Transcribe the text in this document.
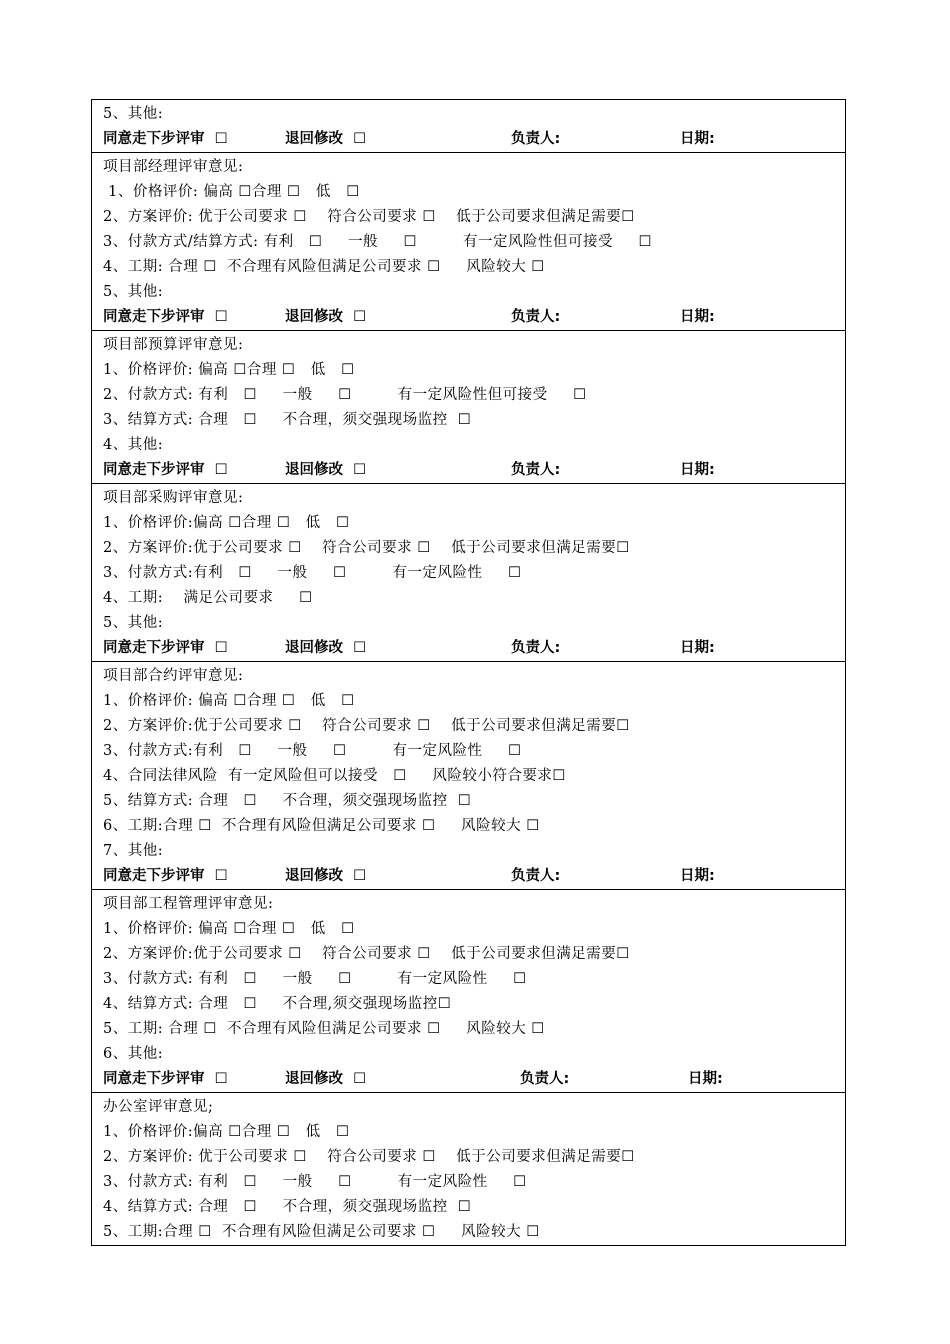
5、其他:
同意走下步评审  ☐	退回修改  ☐	负责人:	日期:
项目部经理评审意见:
1、价格评价: 偏高 ☐合理 ☐   低   ☐
2、方案评价: 优于公司要求 ☐    符合公司要求 ☐    低于公司要求但满足需要☐
3、付款方式/结算方式: 有利   ☐     一般     ☐         有一定风险性但可接受     ☐
4、工期: 合理 ☐  不合理有风险但满足公司要求 ☐     风险较大 ☐
5、其他:
同意走下步评审  ☐	退回修改  ☐	负责人:	日期:
项目部预算评审意见:
1、价格评价: 偏高 ☐合理 ☐   低   ☐
2、付款方式: 有利   ☐     一般     ☐         有一定风险性但可接受     ☐
3、结算方式: 合理   ☐     不合理，须交强现场监控  ☐
4、其他:
同意走下步评审  ☐	退回修改  ☐	负责人:	日期:
项目部采购评审意见:
1、价格评价:偏高 ☐合理 ☐   低   ☐
2、方案评价:优于公司要求 ☐    符合公司要求 ☐    低于公司要求但满足需要☐
3、付款方式:有利   ☐     一般     ☐         有一定风险性     ☐
4、工期:    满足公司要求     ☐
5、其他:
同意走下步评审  ☐	退回修改  ☐	负责人:	日期:
项目部合约评审意见:
1、价格评价: 偏高 ☐合理 ☐   低   ☐
2、方案评价:优于公司要求 ☐    符合公司要求 ☐    低于公司要求但满足需要☐
3、付款方式:有利   ☐     一般     ☐         有一定风险性     ☐
4、合同法律风险  有一定风险但可以接受   ☐     风险较小符合要求☐
5、结算方式: 合理   ☐     不合理，须交强现场监控  ☐
6、工期:合理 ☐  不合理有风险但满足公司要求 ☐     风险较大 ☐
7、其他:
同意走下步评审  ☐	退回修改  ☐	负责人:	日期:
项目部工程管理评审意见:
1、价格评价: 偏高 ☐合理 ☐   低   ☐
2、方案评价:优于公司要求 ☐    符合公司要求 ☐    低于公司要求但满足需要☐
3、付款方式: 有利   ☐     一般     ☐         有一定风险性     ☐
4、结算方式: 合理   ☐     不合理,须交强现场监控☐
5、工期: 合理 ☐  不合理有风险但满足公司要求 ☐     风险较大 ☐
6、其他:
同意走下步评审  ☐	退回修改  ☐	负责人:	日期:
办公室评审意见;
1、价格评价:偏高 ☐合理 ☐   低   ☐
2、方案评价: 优于公司要求 ☐    符合公司要求 ☐    低于公司要求但满足需要☐
3、付款方式: 有利   ☐     一般     ☐         有一定风险性     ☐
4、结算方式: 合理   ☐     不合理，须交强现场监控  ☐
5、工期:合理 ☐  不合理有风险但满足公司要求 ☐     风险较大 ☐
